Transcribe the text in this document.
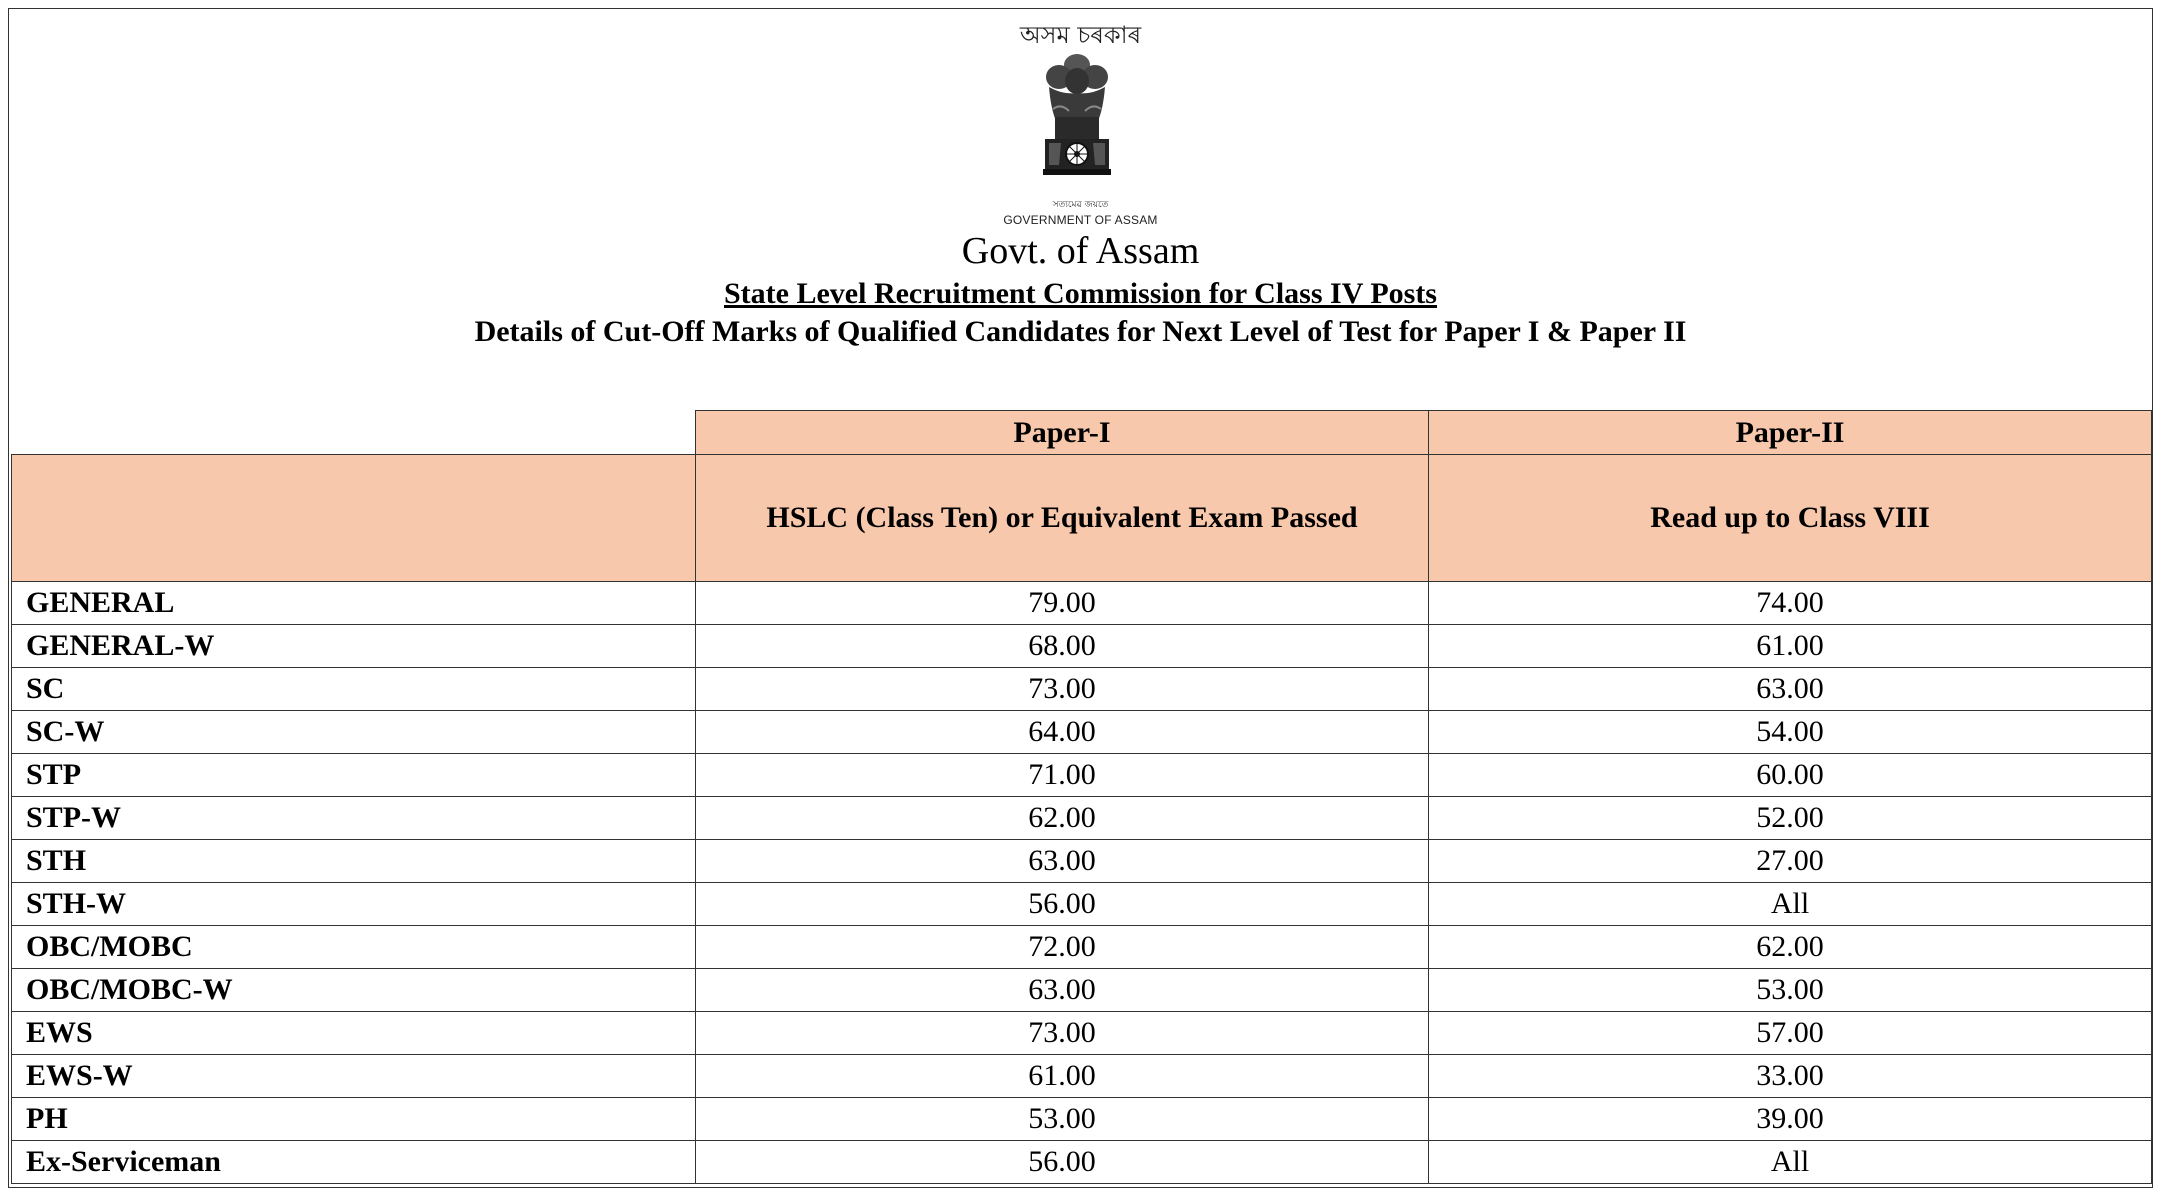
অসম চৰকাৰ
সত্যমেৱ জয়তে
GOVERNMENT OF ASSAM
Govt. of Assam
State Level Recruitment Commission for Class IV Posts
Details of Cut-Off Marks of Qualified Candidates for Next Level of Test for Paper I & Paper II
	Paper-I	Paper-II
	HSLC (Class Ten) or Equivalent Exam Passed	Read up to Class VIII
GENERAL	79.00	74.00
GENERAL-W	68.00	61.00
SC	73.00	63.00
SC-W	64.00	54.00
STP	71.00	60.00
STP-W	62.00	52.00
STH	63.00	27.00
STH-W	56.00	All
OBC/MOBC	72.00	62.00
OBC/MOBC-W	63.00	53.00
EWS	73.00	57.00
EWS-W	61.00	33.00
PH	53.00	39.00
Ex-Serviceman	56.00	All
